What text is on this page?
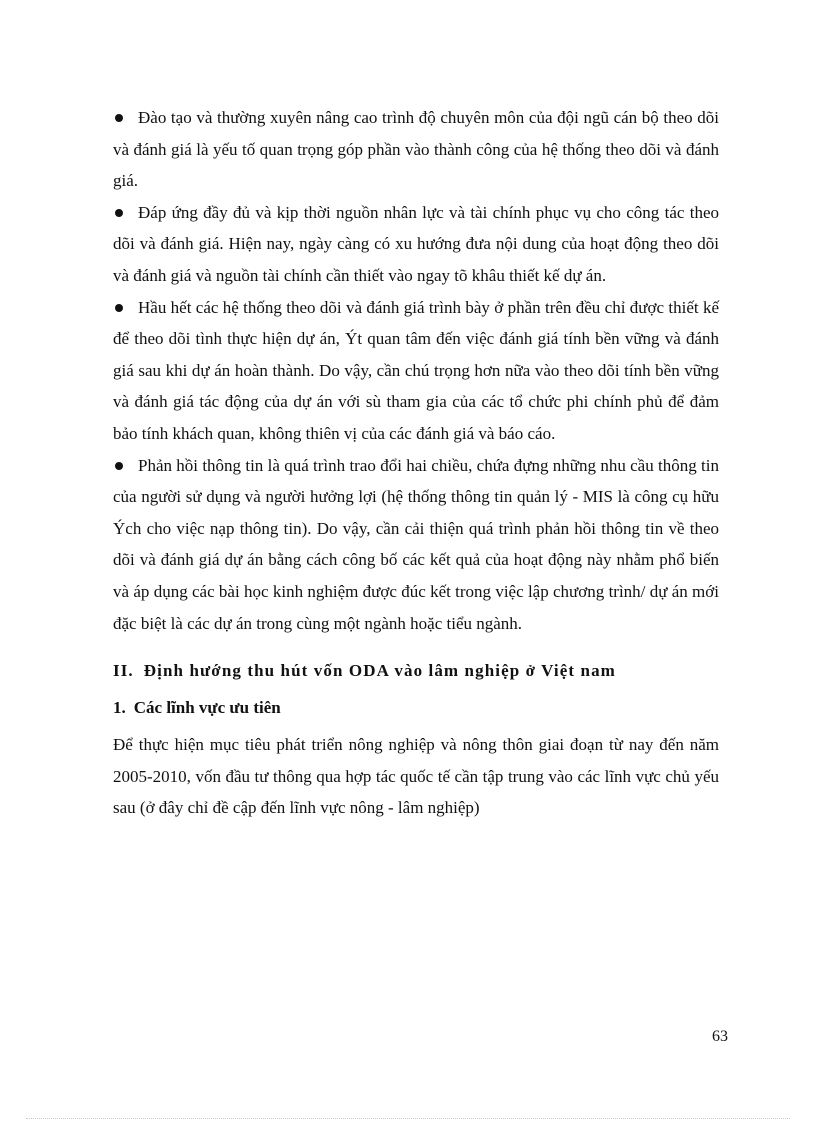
Đào tạo và thường xuyên nâng cao trình độ chuyên môn của đội ngũ cán bộ theo dõi và đánh giá là yếu tố quan trọng góp phần vào thành công của hệ thống theo dõi và đánh giá.

Đáp ứng đầy đủ và kịp thời nguồn nhân lực và tài chính phục vụ cho công tác theo dõi và đánh giá. Hiện nay, ngày càng có xu hướng đưa nội dung của hoạt động theo dõi và đánh giá và nguồn tài chính cần thiết vào ngay tõ khâu thiết kế dự án.

Hầu hết các hệ thống theo dõi và đánh giá trình bày ở phần trên đều chỉ được thiết kế để theo dõi tình thực hiện dự án, Ýt quan tâm đến việc đánh giá tính bền vững và đánh giá sau khi dự án hoàn thành. Do vậy, cần chú trọng hơn nữa vào theo dõi tính bền vững và đánh giá tác động của dự án với sù tham gia của các tổ chức phi chính phủ để đảm bảo tính khách quan, không thiên vị của các đánh giá và báo cáo.

Phản hồi thông tin là quá trình trao đổi hai chiều, chứa đựng những nhu cầu thông tin của người sử dụng và người hưởng lợi (hệ thống thông tin quản lý - MIS là công cụ hữu Ých cho việc nạp thông tin). Do vậy, cần cải thiện quá trình phản hồi thông tin về theo dõi và đánh giá dự án bằng cách công bố các kết quả của hoạt động này nhằm phổ biến và áp dụng các bài học kinh nghiệm được đúc kết trong việc lập chương trình/ dự án mới đặc biệt là các dự án trong cùng một ngành hoặc tiểu ngành.

II. Định hướng thu hút vốn ODA vào lâm nghiệp ở Việt nam

1. Các lĩnh vực ưu tiên

Để thực hiện mục tiêu phát triển nông nghiệp và nông thôn giai đoạn từ nay đến năm 2005-2010, vốn đầu tư thông qua hợp tác quốc tế cần tập trung vào các lĩnh vực chủ yếu sau (ở đây chỉ đề cập đến lĩnh vực nông - lâm nghiệp)

63
